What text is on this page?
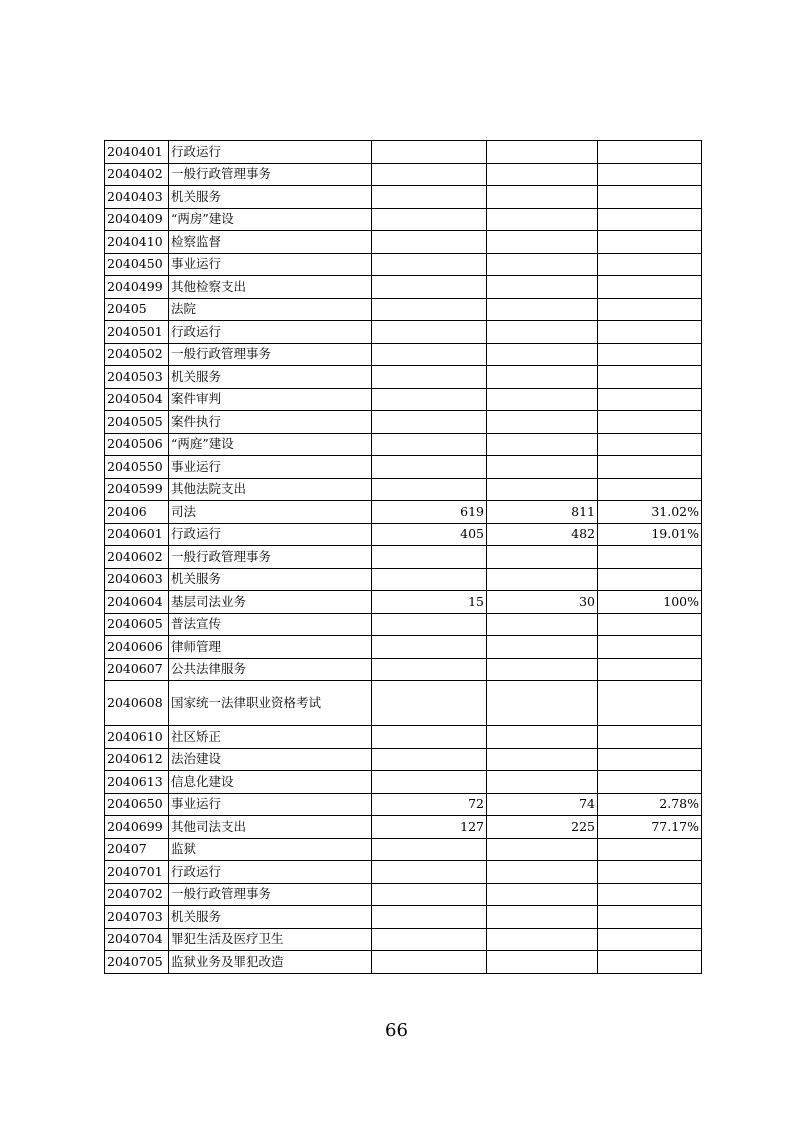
2040401	行政运行			
2040402	一般行政管理事务			
2040403	机关服务			
2040409	“两房”建设			
2040410	检察监督			
2040450	事业运行			
2040499	其他检察支出			
20405	法院			
2040501	行政运行			
2040502	一般行政管理事务			
2040503	机关服务			
2040504	案件审判			
2040505	案件执行			
2040506	“两庭”建设			
2040550	事业运行			
2040599	其他法院支出			
20406	司法	619	811	31.02%
2040601	行政运行	405	482	19.01%
2040602	一般行政管理事务			
2040603	机关服务			
2040604	基层司法业务	15	30	100%
2040605	普法宣传			
2040606	律师管理			
2040607	公共法律服务			
2040608	国家统一法律职业资格考试			
2040610	社区矫正			
2040612	法治建设			
2040613	信息化建设			
2040650	事业运行	72	74	2.78%
2040699	其他司法支出	127	225	77.17%
20407	监狱			
2040701	行政运行			
2040702	一般行政管理事务			
2040703	机关服务			
2040704	罪犯生活及医疗卫生			
2040705	监狱业务及罪犯改造			
66
